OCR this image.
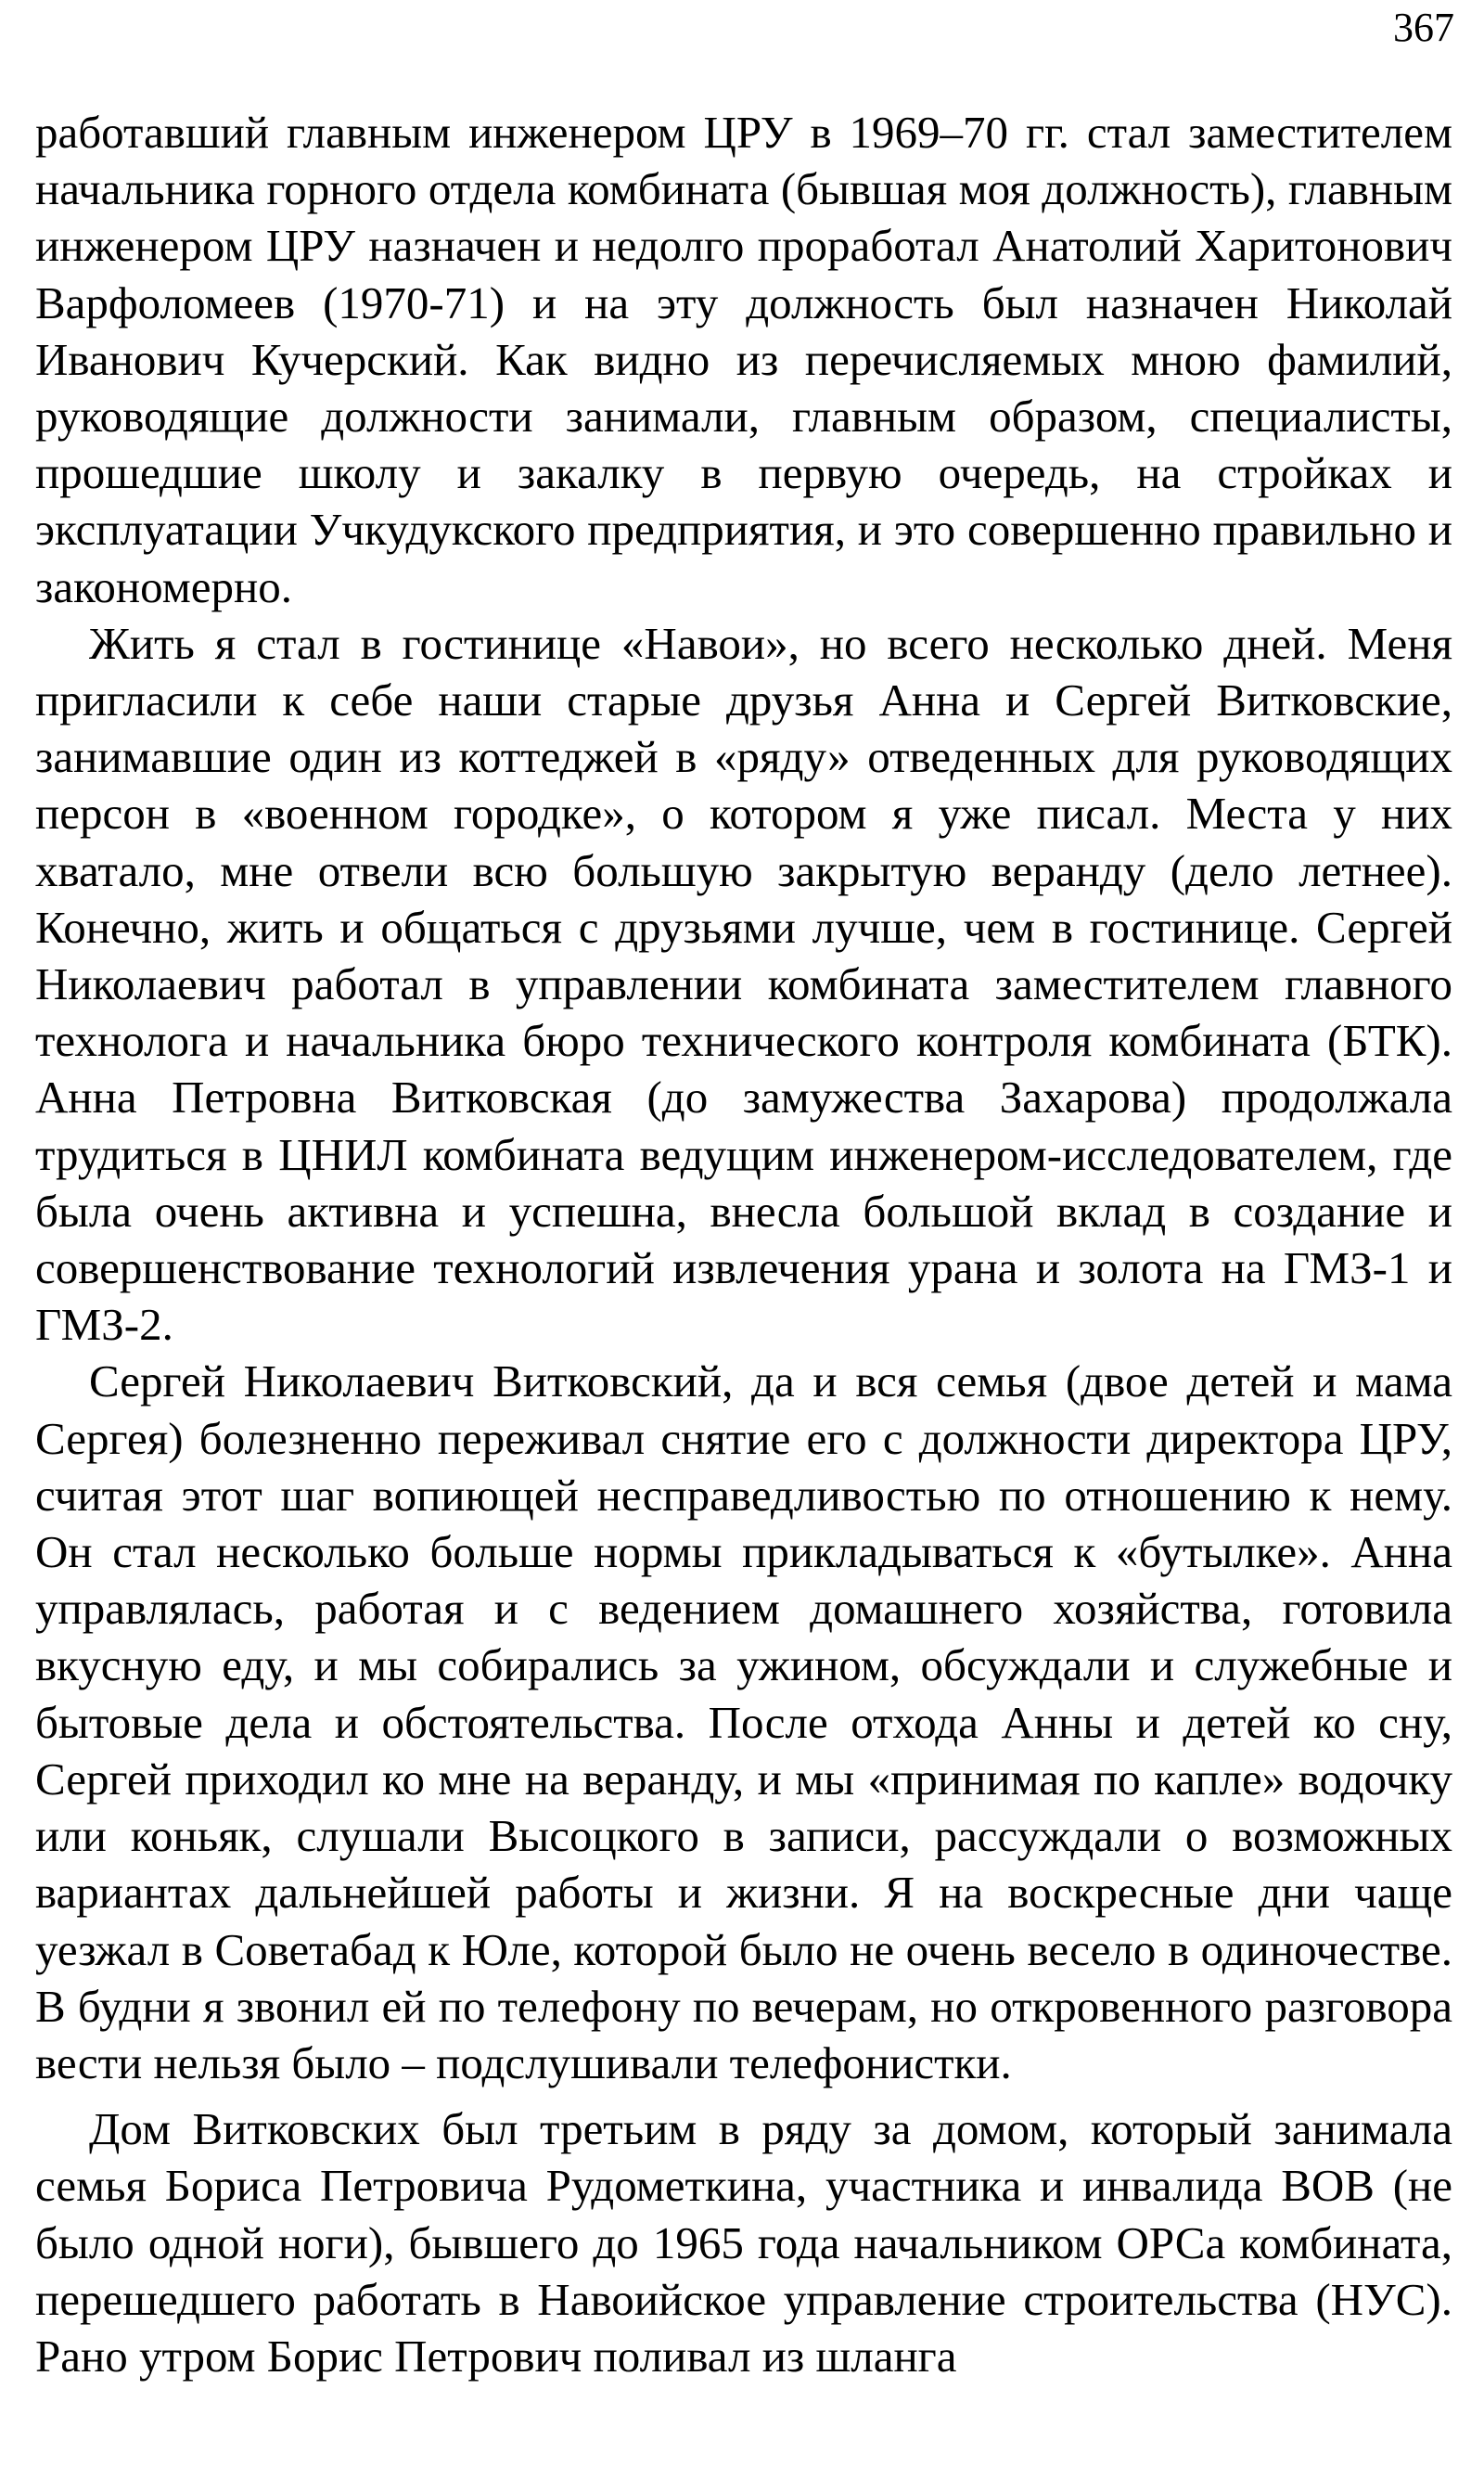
367

работавший главным инженером ЦРУ в 1969–70 гг. стал заместителем начальника горного отдела комбината (бывшая моя должность), главным инженером ЦРУ назначен и недолго проработал Анатолий Харитонович Варфоломеев (1970-71) и на эту должность был назначен Николай Иванович Кучерский. Как видно из перечисляемых мною фамилий, руководящие должности занимали, главным образом, специалисты, прошедшие школу и закалку в первую очередь, на стройках и эксплуатации Учкудукского предприятия, и это совершенно правильно и закономерно.

Жить я стал в гостинице «Навои», но всего несколько дней. Меня пригласили к себе наши старые друзья Анна и Сергей Витковские, занимавшие один из коттеджей в «ряду» отведенных для руководящих персон в «военном городке», о котором я уже писал. Места у них хватало, мне отвели всю большую закрытую веранду (дело летнее). Конечно, жить и общаться с друзьями лучше, чем в гостинице. Сергей Николаевич работал в управлении комбината заместителем главного технолога и начальника бюро технического контроля комбината (БТК). Анна Петровна Витковская (до замужества Захарова) продолжала трудиться в ЦНИЛ комбината ведущим инженером-исследователем, где была очень активна и успешна, внесла большой вклад в создание и совершенствование технологий извлечения урана и золота на ГМЗ-1 и ГМЗ-2.

Сергей Николаевич Витковский, да и вся семья (двое детей и мама Сергея) болезненно переживал снятие его с должности директора ЦРУ, считая этот шаг вопиющей несправедливостью по отношению к нему. Он стал несколько больше нормы прикладываться к «бутылке». Анна управлялась, работая и с ведением домашнего хозяйства, готовила вкусную еду, и мы собирались за ужином, обсуждали и служебные и бытовые дела и обстоятельства. После отхода Анны и детей ко сну, Сергей приходил ко мне на веранду, и мы «принимая по капле» водочку или коньяк, слушали Высоцкого в записи, рассуждали о возможных вариантах дальнейшей работы и жизни. Я на воскресные дни чаще уезжал в Советабад к Юле, которой было не очень весело в одиночестве. В будни я звонил ей по телефону по вечерам, но откровенного разговора вести нельзя было – подслушивали телефонистки.

Дом Витковских был третьим в ряду за домом, который занимала семья Бориса Петровича Рудометкина, участника и инвалида ВОВ (не было одной ноги), бывшего до 1965 года начальником ОРСа комбината, перешедшего работать в Навоийское управление строительства (НУС). Рано утром Борис Петрович поливал из шланга
